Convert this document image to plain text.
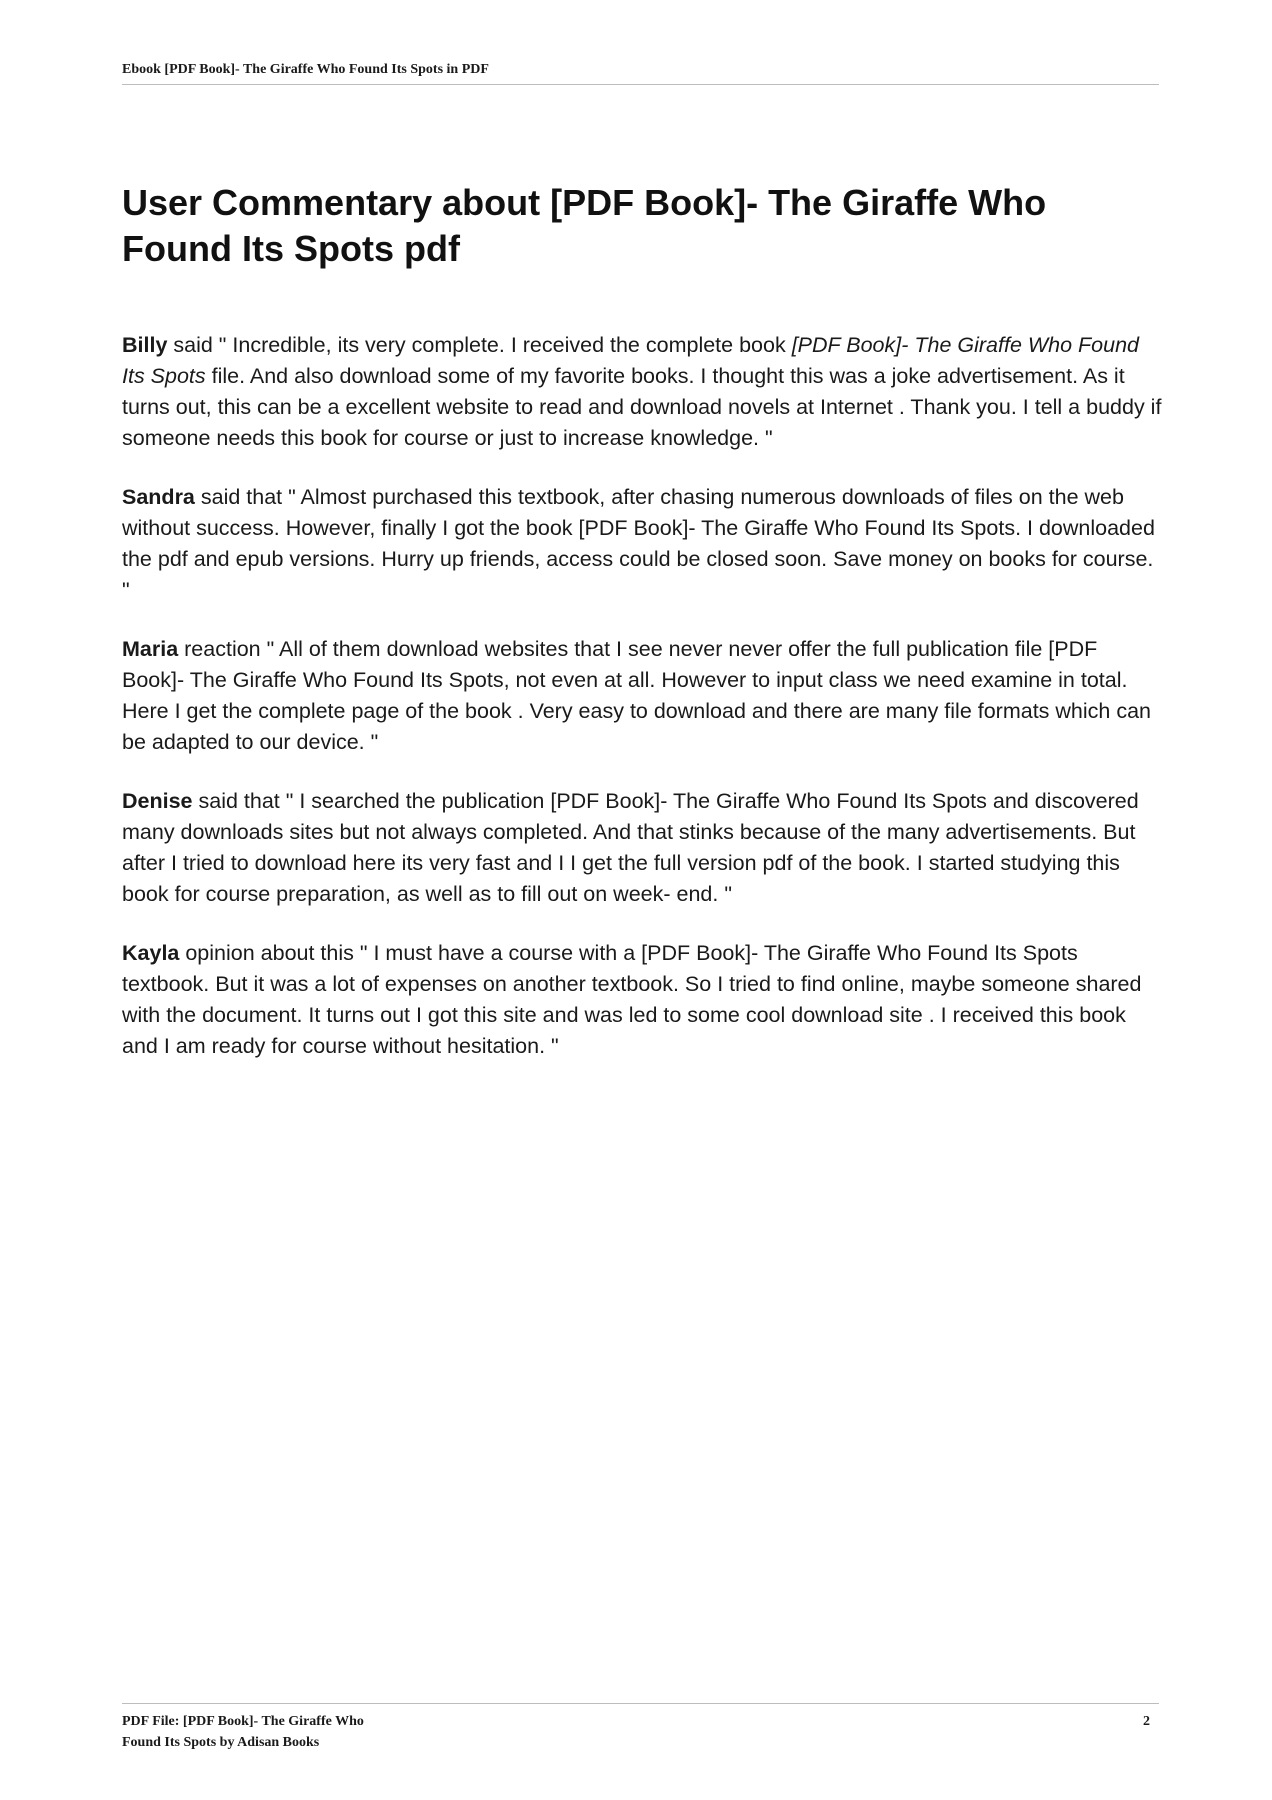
Ebook [PDF Book]- The Giraffe Who Found Its Spots in PDF
User Commentary about [PDF Book]- The Giraffe Who Found Its Spots pdf

Billy said " Incredible, its very complete. I received the complete book [PDF Book]- The Giraffe Who Found Its Spots file. And also download some of my favorite books. I thought this was a joke advertisement. As it turns out, this can be a excellent website to read and download novels at Internet . Thank you. I tell a buddy if someone needs this book for course or just to increase knowledge. "

Sandra said that " Almost purchased this textbook, after chasing numerous downloads of files on the web without success. However, finally I got the book [PDF Book]- The Giraffe Who Found Its Spots. I downloaded the pdf and epub versions. Hurry up friends, access could be closed soon. Save money on books for course. "

Maria reaction " All of them download websites that I see never never offer the full publication file [PDF Book]- The Giraffe Who Found Its Spots, not even at all. However to input class we need examine in total. Here I get the complete page of the book . Very easy to download and there are many file formats which can be adapted to our device. "

Denise said that " I searched the publication [PDF Book]- The Giraffe Who Found Its Spots and discovered many downloads sites but not always completed. And that stinks because of the many advertisements. But after I tried to download here its very fast and I I get the full version pdf of the book. I started studying this book for course preparation, as well as to fill out on week- end. "

Kayla opinion about this " I must have a course with a [PDF Book]- The Giraffe Who Found Its Spots textbook. But it was a lot of expenses on another textbook. So I tried to find online, maybe someone shared with the document. It turns out I got this site and was led to some cool download site . I received this book and I am ready for course without hesitation. "

PDF File: [PDF Book]- The Giraffe Who
Found Its Spots by Adisan Books
2
